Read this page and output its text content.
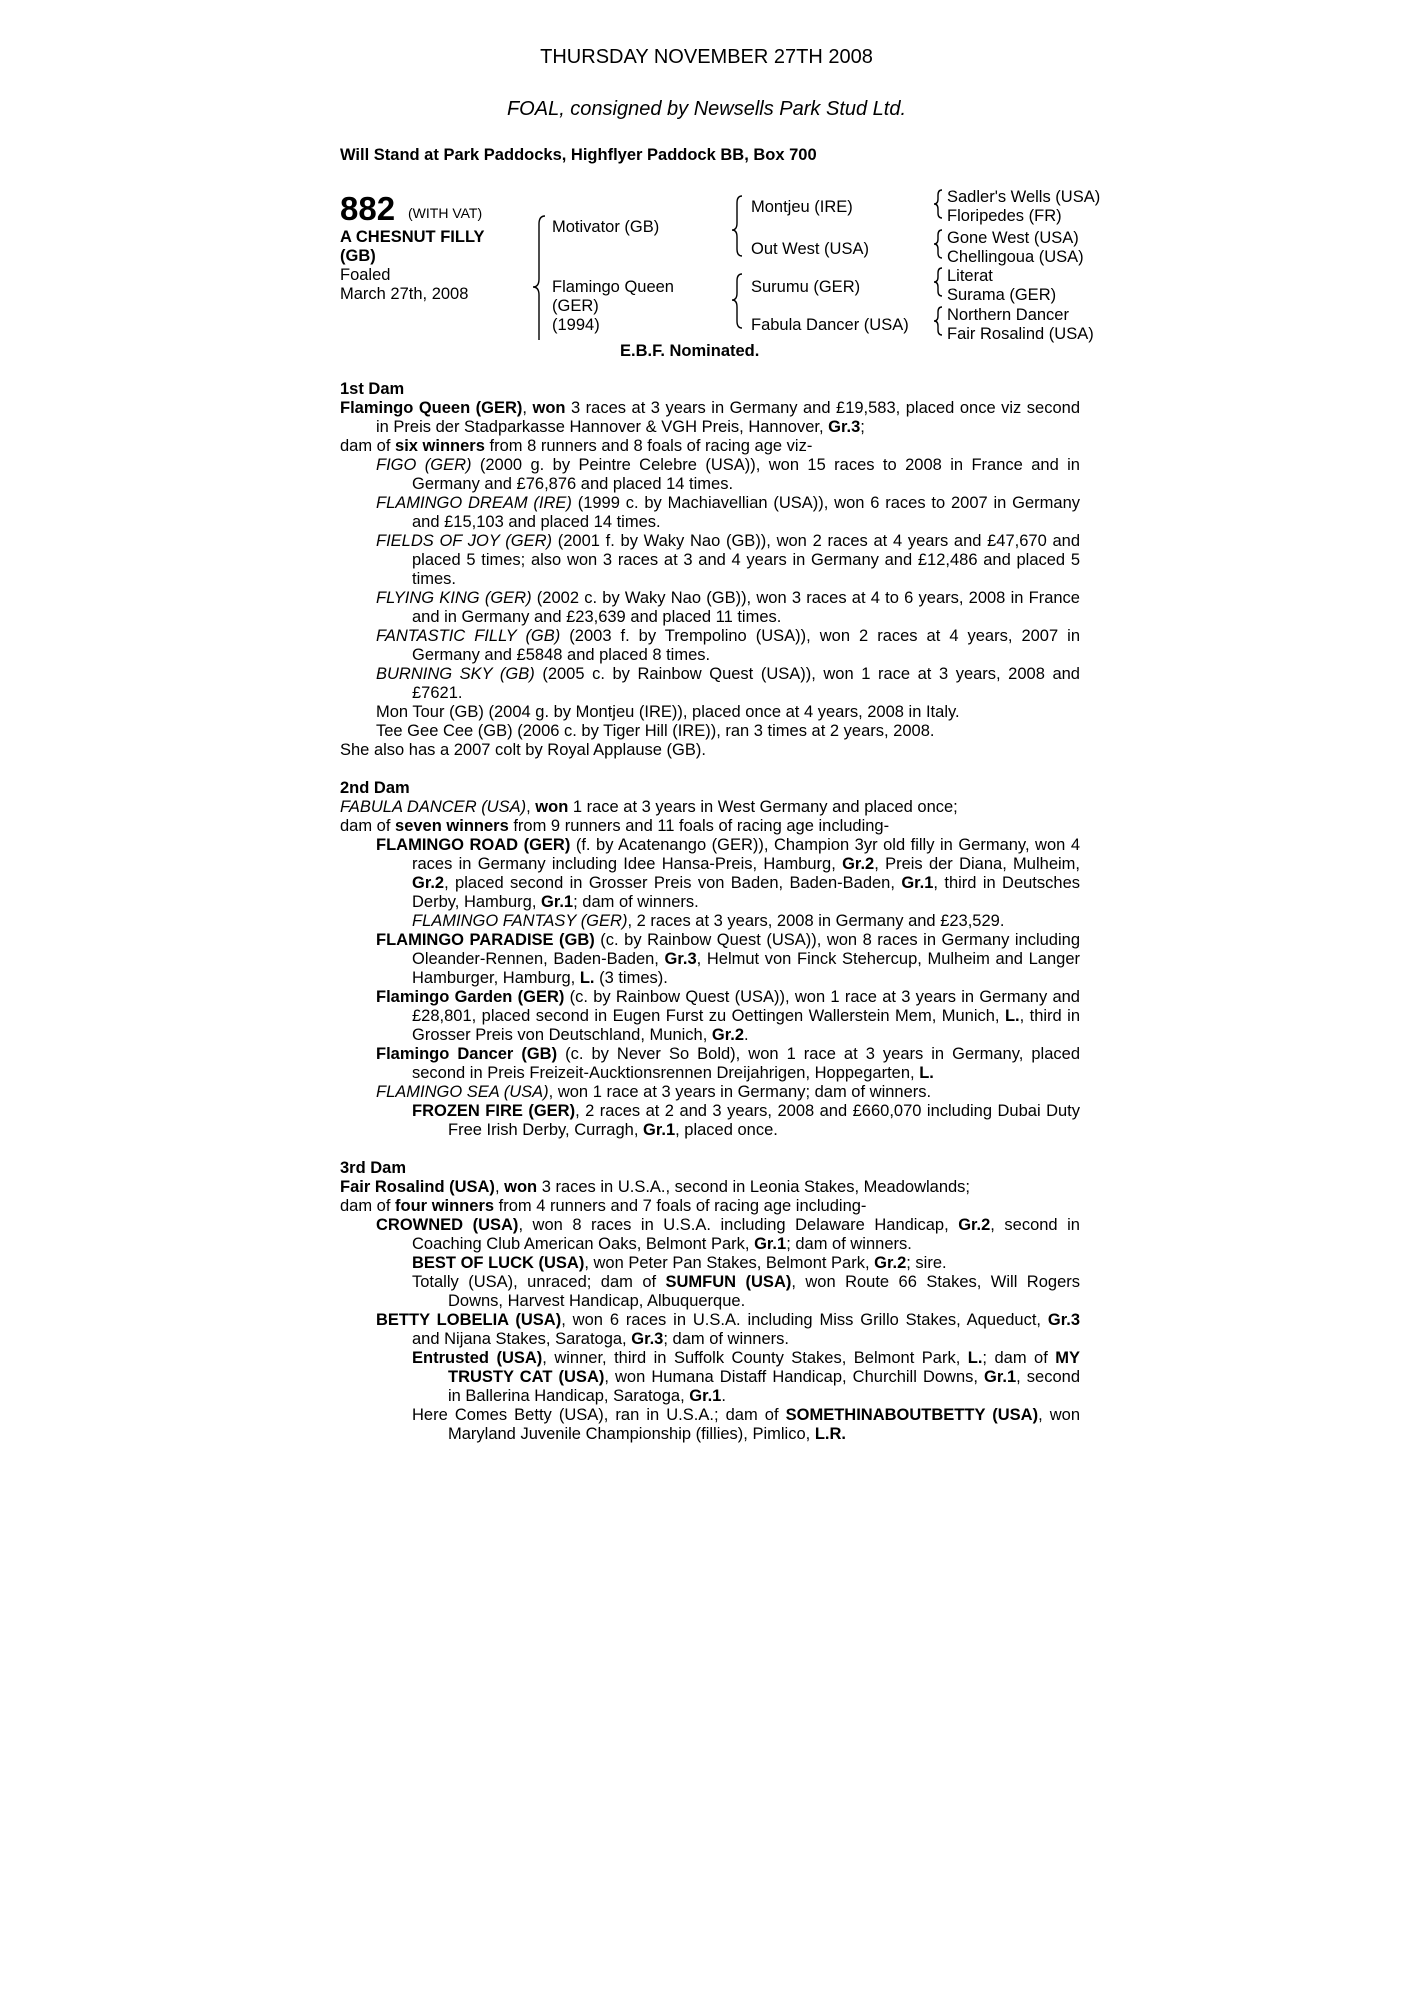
THURSDAY NOVEMBER 27TH 2008
FOAL, consigned by Newsells Park Stud Ltd.
Will Stand at Park Paddocks, Highflyer Paddock BB, Box 700
882 (WITH VAT)
A CHESNUT FILLY
(GB)
Foaled
March 27th, 2008
Motivator (GB)
Flamingo Queen
(GER)
(1994)
Montjeu (IRE)
Out West (USA)
Surumu (GER)
Fabula Dancer (USA)
Sadler's Wells (USA)
Floripedes (FR)
Gone West (USA)
Chellingoua (USA)
Literat
Surama (GER)
Northern Dancer
Fair Rosalind (USA)
E.B.F. Nominated.

1st Dam

Flamingo Queen (GER), won 3 races at 3 years in Germany and £19,583, placed once viz second in Preis der Stadparkasse Hannover & VGH Preis, Hannover, Gr.3;

dam of six winners from 8 runners and 8 foals of racing age viz-

FIGO (GER) (2000 g. by Peintre Celebre (USA)), won 15 races to 2008 in France and in Germany and £76,876 and placed 14 times.

FLAMINGO DREAM (IRE) (1999 c. by Machiavellian (USA)), won 6 races to 2007 in Germany and £15,103 and placed 14 times.

FIELDS OF JOY (GER) (2001 f. by Waky Nao (GB)), won 2 races at 4 years and £47,670 and placed 5 times; also won 3 races at 3 and 4 years in Germany and £12,486 and placed 5 times.

FLYING KING (GER) (2002 c. by Waky Nao (GB)), won 3 races at 4 to 6 years, 2008 in France and in Germany and £23,639 and placed 11 times.

FANTASTIC FILLY (GB) (2003 f. by Trempolino (USA)), won 2 races at 4 years, 2007 in Germany and £5848 and placed 8 times.

BURNING SKY (GB) (2005 c. by Rainbow Quest (USA)), won 1 race at 3 years, 2008 and £7621.

Mon Tour (GB) (2004 g. by Montjeu (IRE)), placed once at 4 years, 2008 in Italy.

Tee Gee Cee (GB) (2006 c. by Tiger Hill (IRE)), ran 3 times at 2 years, 2008.

She also has a 2007 colt by Royal Applause (GB).

2nd Dam

FABULA DANCER (USA), won 1 race at 3 years in West Germany and placed once;

dam of seven winners from 9 runners and 11 foals of racing age including-

FLAMINGO ROAD (GER) (f. by Acatenango (GER)), Champion 3yr old filly in Germany, won 4 races in Germany including Idee Hansa-Preis, Hamburg, Gr.2, Preis der Diana, Mulheim, Gr.2, placed second in Grosser Preis von Baden, Baden-Baden, Gr.1, third in Deutsches Derby, Hamburg, Gr.1; dam of winners.

FLAMINGO FANTASY (GER), 2 races at 3 years, 2008 in Germany and £23,529.

FLAMINGO PARADISE (GB) (c. by Rainbow Quest (USA)), won 8 races in Germany including Oleander-Rennen, Baden-Baden, Gr.3, Helmut von Finck Stehercup, Mulheim and Langer Hamburger, Hamburg, L. (3 times).

Flamingo Garden (GER) (c. by Rainbow Quest (USA)), won 1 race at 3 years in Germany and £28,801, placed second in Eugen Furst zu Oettingen Wallerstein Mem, Munich, L., third in Grosser Preis von Deutschland, Munich, Gr.2.

Flamingo Dancer (GB) (c. by Never So Bold), won 1 race at 3 years in Germany, placed second in Preis Freizeit-Aucktionsrennen Dreijahrigen, Hoppegarten, L.

FLAMINGO SEA (USA), won 1 race at 3 years in Germany; dam of winners.

FROZEN FIRE (GER), 2 races at 2 and 3 years, 2008 and £660,070 including Dubai Duty Free Irish Derby, Curragh, Gr.1, placed once.

3rd Dam

Fair Rosalind (USA), won 3 races in U.S.A., second in Leonia Stakes, Meadowlands;

dam of four winners from 4 runners and 7 foals of racing age including-

CROWNED (USA), won 8 races in U.S.A. including Delaware Handicap, Gr.2, second in Coaching Club American Oaks, Belmont Park, Gr.1; dam of winners.

BEST OF LUCK (USA), won Peter Pan Stakes, Belmont Park, Gr.2; sire.

Totally (USA), unraced; dam of SUMFUN (USA), won Route 66 Stakes, Will Rogers Downs, Harvest Handicap, Albuquerque.

BETTY LOBELIA (USA), won 6 races in U.S.A. including Miss Grillo Stakes, Aqueduct, Gr.3 and Nijana Stakes, Saratoga, Gr.3; dam of winners.

Entrusted (USA), winner, third in Suffolk County Stakes, Belmont Park, L.; dam of MY TRUSTY CAT (USA), won Humana Distaff Handicap, Churchill Downs, Gr.1, second in Ballerina Handicap, Saratoga, Gr.1.

Here Comes Betty (USA), ran in U.S.A.; dam of SOMETHINABOUTBETTY (USA), won Maryland Juvenile Championship (fillies), Pimlico, L.R.
